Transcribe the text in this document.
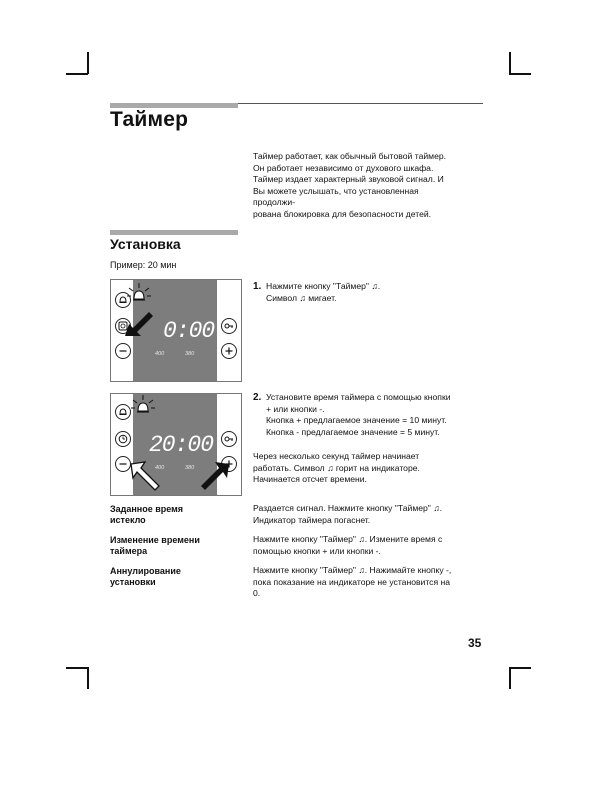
Таймер
Таймер работает, как обычный бытовой таймер.
Он работает независимо от духового шкафа.
Таймер издает характерный звуковой сигнал. И
Вы можете услышать, что установленная
продолжи-
рована блокировка для безопасности детей.
Установка
Пример: 20 мин
0:00
400	380
1. Нажмите кнопку "Таймер" ♫.
Символ ♫ мигает.
20:00
400	380
2. Установите время таймера с помощью кнопки
+ или кнопки -.
Кнопка + предлагаемое значение = 10 минут.
Кнопка - предлагаемое значение = 5 минут.
Через несколько секунд таймер начинает
работать. Символ ♫ горит на индикаторе.
Начинается отсчет времени.
Заданное время
истекло
Раздается сигнал. Нажмите кнопку "Таймер" ♫.
Индикатор таймера погаснет.
Изменение времени
таймера
Нажмите кнопку "Таймер" ♫. Измените время с
помощью кнопки + или кнопки -.
Аннулирование
установки
Нажмите кнопку "Таймер" ♫. Нажимайте кнопку -,
пока показание на индикаторе не установится на
0.
35
